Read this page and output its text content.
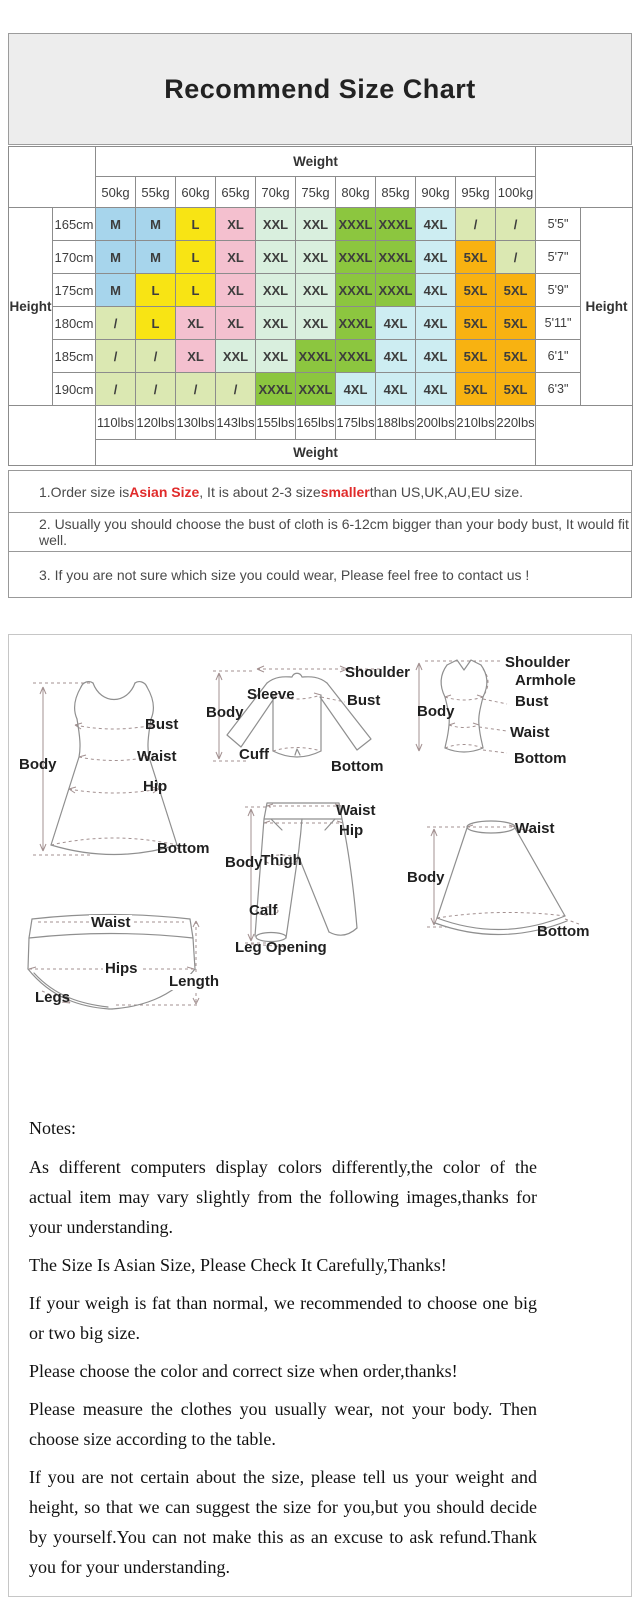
Recommend Size Chart
		Weight												
		50kg	55kg	60kg	65kg	70kg	75kg	80kg	85kg	90kg	95kg	100kg		
Height	165cm	M	M	L	XL	XXL	XXL	XXXL	XXXL	4XL	/	/	5'5"	Height
	170cm	M	M	L	XL	XXL	XXL	XXXL	XXXL	4XL	5XL	/	5'7"	
	175cm	M	L	L	XL	XXL	XXL	XXXL	XXXL	4XL	5XL	5XL	5'9"	
	180cm	/	L	XL	XL	XXL	XXL	XXXL	4XL	4XL	5XL	5XL	5'11"	
	185cm	/	/	XL	XXL	XXL	XXXL	XXXL	4XL	4XL	5XL	5XL	6'1"	
	190cm	/	/	/	/	XXXL	XXXL	4XL	4XL	4XL	5XL	5XL	6'3"	
		110lbs	120lbs	130lbs	143lbs	155lbs	165lbs	175lbs	188lbs	200lbs	210lbs	220lbs		
		Weight												
1.Order size is Asian Size , It is about 2-3 size smaller than US,UK,AU,EU size.
2. Usually you should choose the bust of cloth is 6-12cm bigger than your body bust, It would fit well.
3. If you are not sure which size you could wear, Please feel free to contact us !
Bust
Waist
Hip
Body
Bottom
Shoulder
Sleeve
Body
Bust
Cuff
Bottom
Shoulder
Armhole
Bust
Body
Waist
Bottom
Waist
Hip
Body
Thigh
Calf
Leg Opening
Waist
Body
Bottom
Waist
Hips
Legs
Length
Notes:

As different computers display colors differently,the color of the actual item may vary slightly from the following images,thanks for your understanding.

The Size Is Asian Size, Please Check It Carefully,Thanks!

If your weigh is fat than normal, we recommended to choose one big or two big size.

Please choose the color and correct size when order,thanks!

Please measure the clothes you usually wear, not your body. Then choose size according to the table.

If you are not certain about the size, please tell us your weight and height, so that we can suggest the size for you,but you should decide by yourself.You can not make this as an excuse to ask refund.Thank you for your understanding.
